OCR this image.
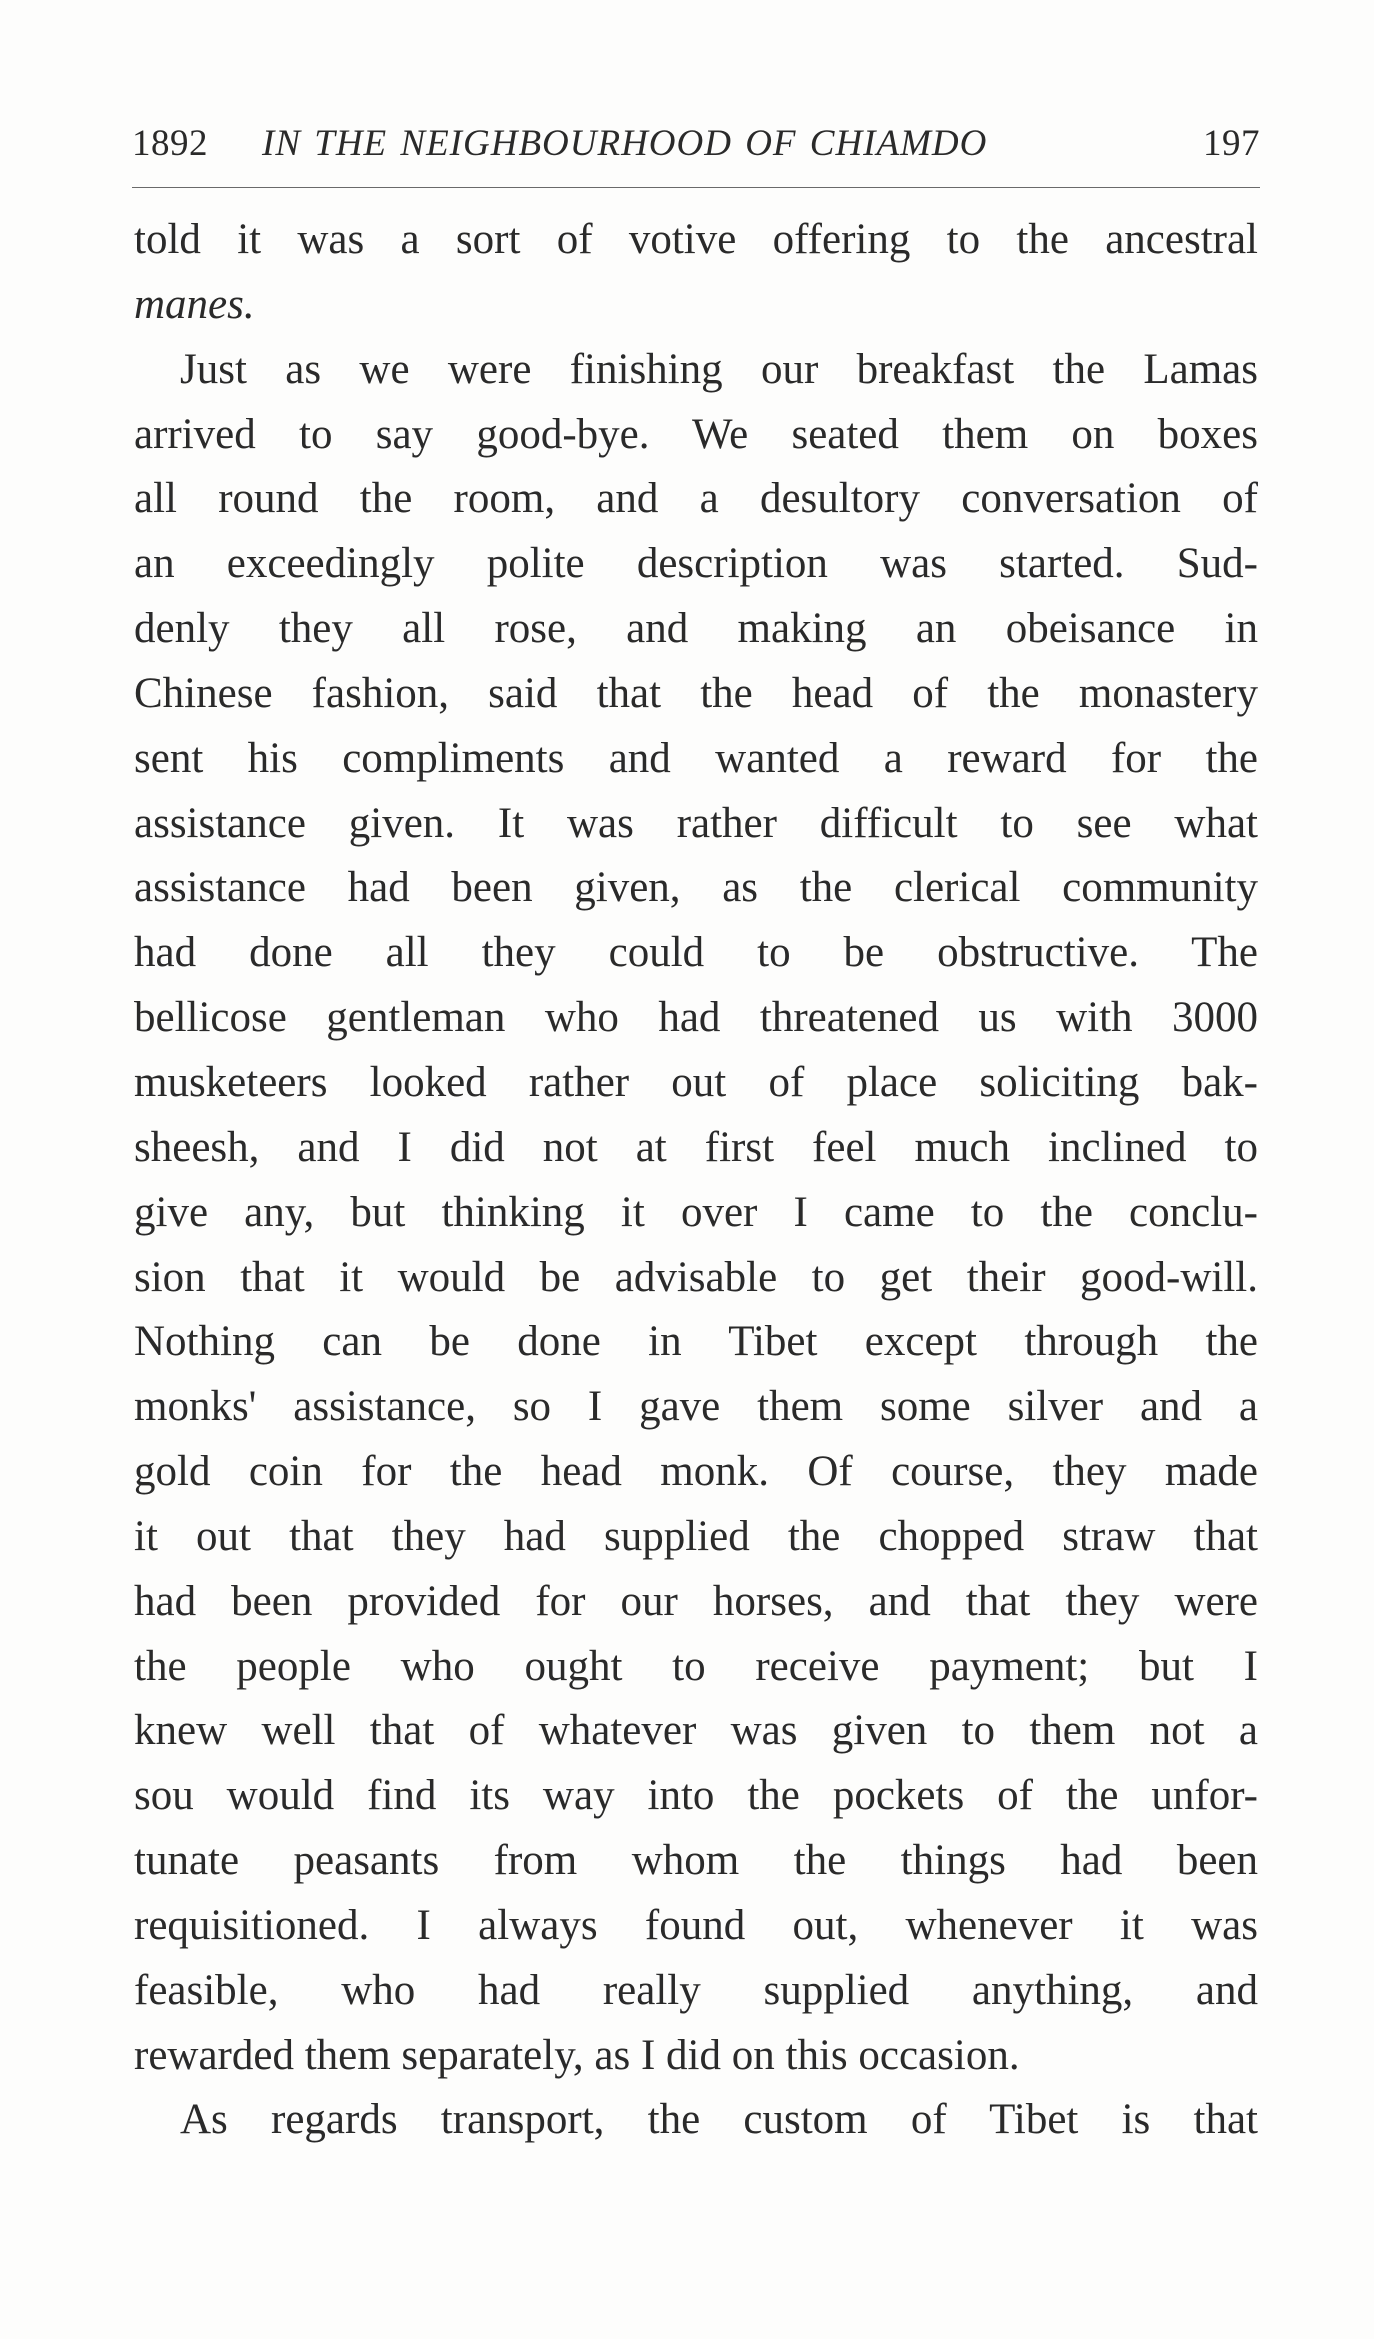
1892 IN THE NEIGHBOURHOOD OF CHIAMDO	197
told it was a sort of votive offering to the ancestral
manes.
Just as we were finishing our breakfast the Lamas
arrived to say good-bye. We seated them on boxes
all round the room, and a desultory conversation of
an exceedingly polite description was started. Sud-
denly they all rose, and making an obeisance in
Chinese fashion, said that the head of the monastery
sent his compliments and wanted a reward for the
assistance given. It was rather difficult to see what
assistance had been given, as the clerical community
had done all they could to be obstructive. The
bellicose gentleman who had threatened us with 3000
musketeers looked rather out of place soliciting bak-
sheesh, and I did not at first feel much inclined to
give any, but thinking it over I came to the conclu-
sion that it would be advisable to get their good-will.
Nothing can be done in Tibet except through the
monks' assistance, so I gave them some silver and a
gold coin for the head monk. Of course, they made
it out that they had supplied the chopped straw that
had been provided for our horses, and that they were
the people who ought to receive payment; but I
knew well that of whatever was given to them not a
sou would find its way into the pockets of the unfor-
tunate peasants from whom the things had been
requisitioned. I always found out, whenever it was
feasible, who had really supplied anything, and
rewarded them separately, as I did on this occasion.
As regards transport, the custom of Tibet is that
